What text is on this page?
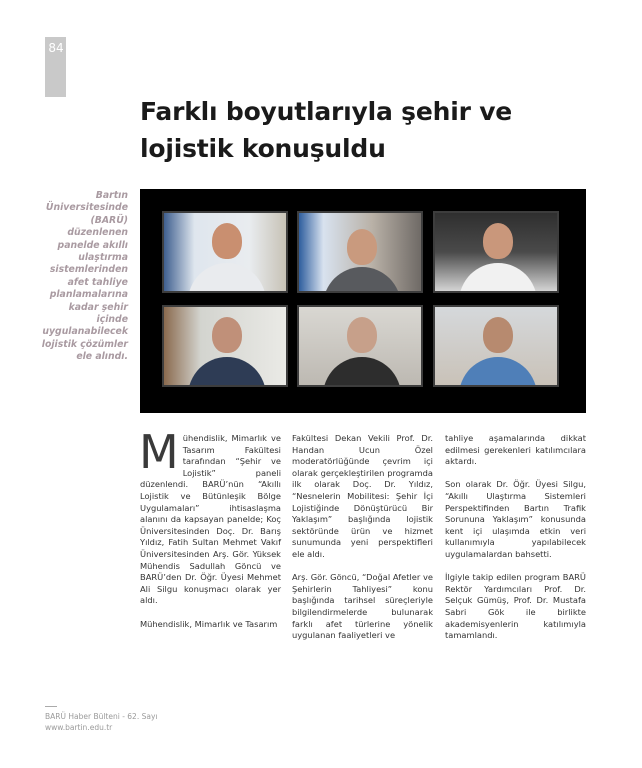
84
Farklı boyutlarıyla şehir ve lojistik konuşuldu
Bartın Üniversitesinde (BARÜ) düzenlenen panelde akıllı ulaştırma sistemlerinden afet tahliye planlamalarına kadar şehir içinde uygulanabilecek lojistik çözümler ele alındı.

Mühendislik, Mimarlık ve Tasarım Fakültesi tarafından “Şehir ve Lojistik” paneli düzenlendi. BARÜ’nün “Akıllı Lojistik ve Bütünleşik Bölge Uygulamaları” ihtisaslaşma alanını da kapsayan panelde; Koç Üniversitesinden Doç. Dr. Barış Yıldız, Fatih Sultan Mehmet Vakıf Üniversitesinden Arş. Gör. Yüksek Mühendis Sadullah Göncü ve BARÜ’den Dr. Öğr. Üyesi Mehmet Ali Silgu konuşmacı olarak yer aldı.

Mühendislik, Mimarlık ve Tasarım

Fakültesi Dekan Vekili Prof. Dr. Handan Ucun Özel moderatörlüğünde çevrim içi olarak gerçekleştirilen programda ilk olarak Doç. Dr. Yıldız, “Nesnelerin Mobilitesi: Şehir İçi Lojistiğinde Dönüştürücü Bir Yaklaşım” başlığında lojistik sektöründe ürün ve hizmet sunumunda yeni perspektifleri ele aldı.

Arş. Gör. Göncü, “Doğal Afetler ve Şehirlerin Tahliyesi” konu başlığında tarihsel süreçleriyle bilgilendirmelerde bulunarak farklı afet türlerine yönelik uygulanan faaliyetleri ve

tahliye aşamalarında dikkat edilmesi gerekenleri katılımcılara aktardı.

Son olarak Dr. Öğr. Üyesi Silgu, “Akıllı Ulaştırma Sistemleri Perspektifinden Bartın Trafik Sorununa Yaklaşım” konusunda kent içi ulaşımda etkin veri kullanımıyla yapılabilecek uygulamalardan bahsetti.

İlgiyle takip edilen program BARÜ Rektör Yardımcıları Prof. Dr. Selçuk Gümüş, Prof. Dr. Mustafa Sabri Gök ile birlikte akademisyenlerin katılımıyla tamamlandı.

BARÜ Haber Bülteni - 62. Sayı
www.bartin.edu.tr
